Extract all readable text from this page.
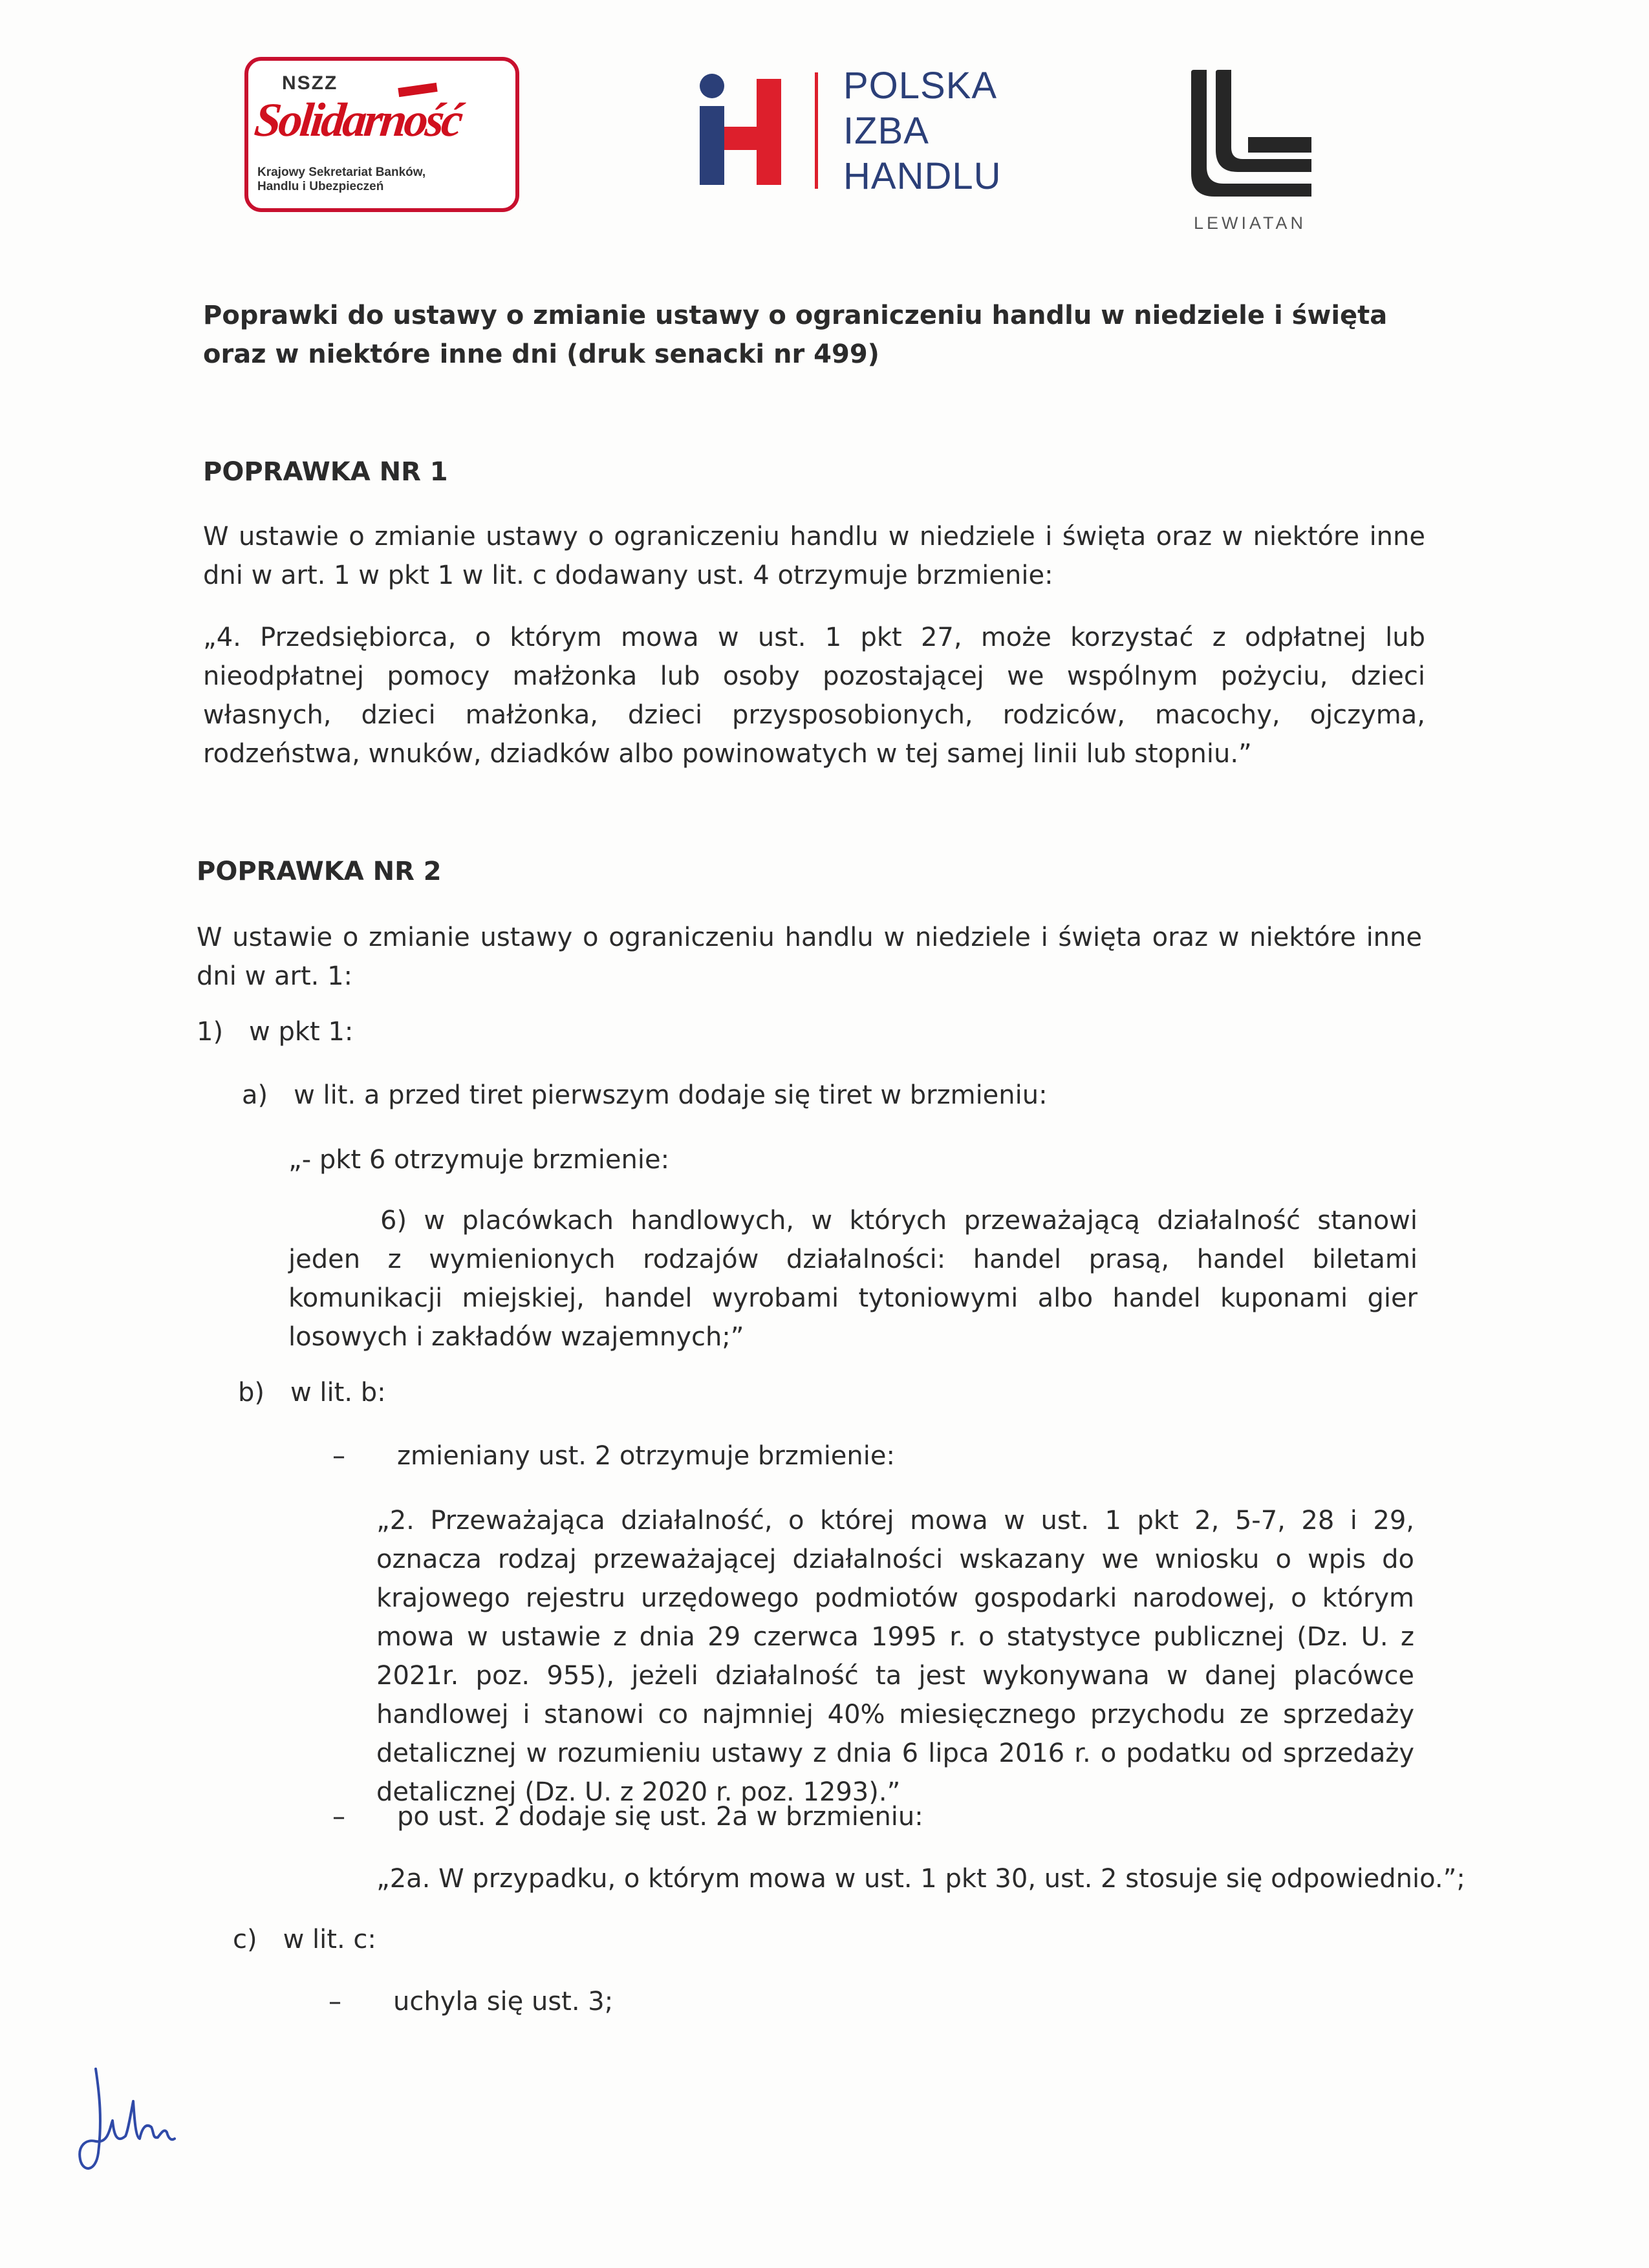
NSZZ
Solidarność
Krajowy Sekretariat Banków,
Handlu i Ubezpieczeń
POLSKA
IZBA
HANDLU
LEWIATAN

Poprawki do ustawy o zmianie ustawy o ograniczeniu handlu w niedziele i święta oraz w niektóre inne dni (druk senacki nr 499)

POPRAWKA NR 1

W ustawie o zmianie ustawy o ograniczeniu handlu w niedziele i święta oraz w niektóre inne dni w art. 1 w pkt 1 w lit. c dodawany ust. 4 otrzymuje brzmienie:

„4. Przedsiębiorca, o którym mowa w ust. 1 pkt 27, może korzystać z odpłatnej lub nieodpłatnej pomocy małżonka lub osoby pozostającej we wspólnym pożyciu, dzieci własnych, dzieci małżonka, dzieci przysposobionych, rodziców, macochy, ojczyma, rodzeństwa, wnuków, dziadków albo powinowatych w tej samej linii lub stopniu.”

POPRAWKA NR 2

W ustawie o zmianie ustawy o ograniczeniu handlu w niedziele i święta oraz w niektóre inne dni w art. 1:

1) w pkt 1:

a) w lit. a przed tiret pierwszym dodaje się tiret w brzmieniu:

„- pkt 6 otrzymuje brzmienie:

6) w placówkach handlowych, w których przeważającą działalność stanowi jeden z wymienionych rodzajów działalności: handel prasą, handel biletami komunikacji miejskiej, handel wyrobami tytoniowymi albo handel kuponami gier losowych i zakładów wzajemnych;”

b) w lit. b:

–  zmieniany ust. 2 otrzymuje brzmienie:

„2. Przeważająca działalność, o której mowa w ust. 1 pkt 2, 5-7, 28 i 29, oznacza rodzaj przeważającej działalności wskazany we wniosku o wpis do krajowego rejestru urzędowego podmiotów gospodarki narodowej, o którym mowa w ustawie z dnia 29 czerwca 1995 r. o statystyce publicznej (Dz. U. z 2021r. poz. 955), jeżeli działalność ta jest wykonywana w danej placówce handlowej i stanowi co najmniej 40% miesięcznego przychodu ze sprzedaży detalicznej w rozumieniu ustawy z dnia 6 lipca 2016 r. o podatku od sprzedaży detalicznej (Dz. U. z 2020 r. poz. 1293).”

–  po ust. 2 dodaje się ust. 2a w brzmieniu:

„2a. W przypadku, o którym mowa w ust. 1 pkt 30, ust. 2 stosuje się odpowiednio.”;

c) w lit. c:

–  uchyla się ust. 3;
